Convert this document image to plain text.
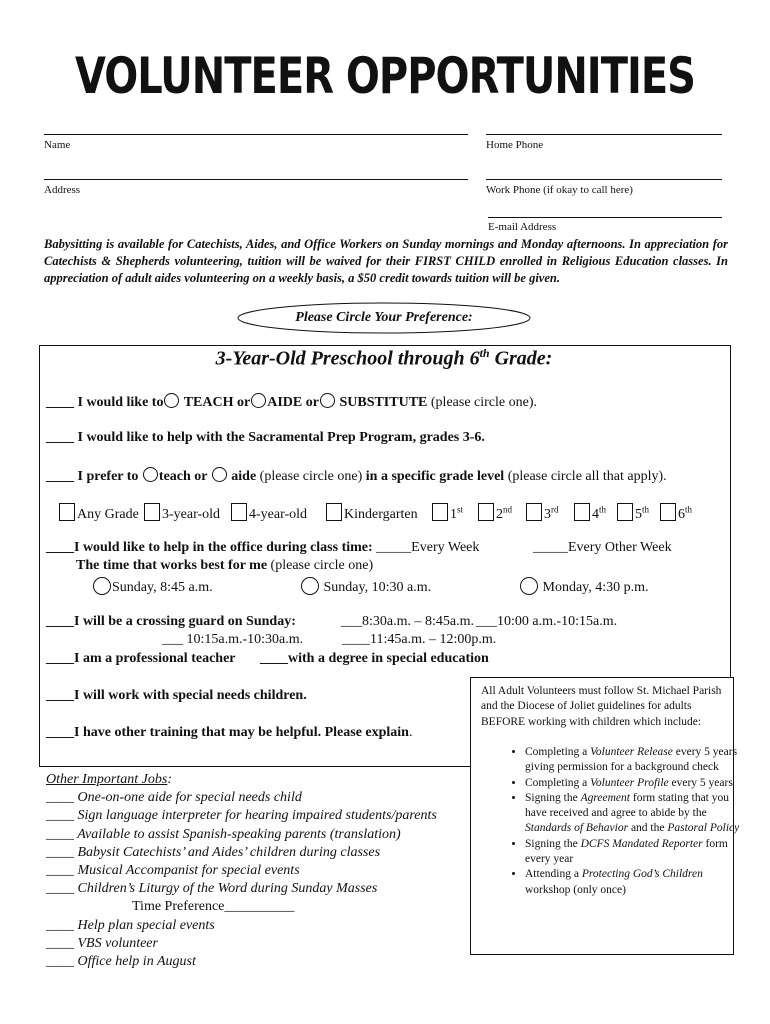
VOLUNTEER OPPORTUNITIES
Name	Home Phone
Address	Work Phone (if okay to call here)
E-mail Address
Babysitting is available for Catechists, Aides, and Office Workers on Sunday mornings and Monday afternoons. In appreciation for Catechists & Shepherds volunteering, tuition will be waived for their FIRST CHILD enrolled in Religious Education classes. In appreciation of adult aides volunteering on a weekly basis, a $50 credit towards tuition will be given.
Please Circle Your Preference:
3-Year-Old Preschool through 6th Grade:
____ I would like to TEACH or AIDE or SUBSTITUTE (please circle one).
____ I would like to help with the Sacramental Prep Program, grades 3-6.
____ I prefer to teach or  aide (please circle one) in a specific grade level (please circle all that apply).
Any Grade	3-year-old	4-year-old	Kindergarten	1st	2nd	3rd	4th	5th	6th
____I would like to help in the office during class time: _____Every Week	_____Every Other Week
The time that works best for me (please circle one)
Sunday, 8:45 a.m.	Sunday, 10:30 a.m.	Monday, 4:30 p.m.
____I will be a crossing guard on Sunday:	___8:30a.m. – 8:45a.m. ___10:00 a.m.-10:15a.m.
___ 10:15a.m.-10:30a.m.	____11:45a.m. – 12:00p.m.
____I am a professional teacher ____with a degree in special education
____I will work with special needs children.
____I have other training that may be helpful. Please explain.
All Adult Volunteers must follow St. Michael Parish and the Diocese of Joliet guidelines for adults BEFORE working with children which include:
• Completing a Volunteer Release every 5 years giving permission for a background check
• Completing a Volunteer Profile every 5 years
• Signing the Agreement form stating that you have received and agree to abide by the Standards of Behavior and the Pastoral Policy
• Signing the DCFS Mandated Reporter form every year
• Attending a Protecting God’s Children workshop (only once)
Other Important Jobs:
____ One-on-one aide for special needs child
____ Sign language interpreter for hearing impaired students/parents
____ Available to assist Spanish-speaking parents (translation)
____ Babysit Catechists’ and Aides’ children during classes
____ Musical Accompanist for special events
____ Children’s Liturgy of the Word during Sunday Masses
Time Preference__________
____ Help plan special events
____ VBS volunteer
____ Office help in August
